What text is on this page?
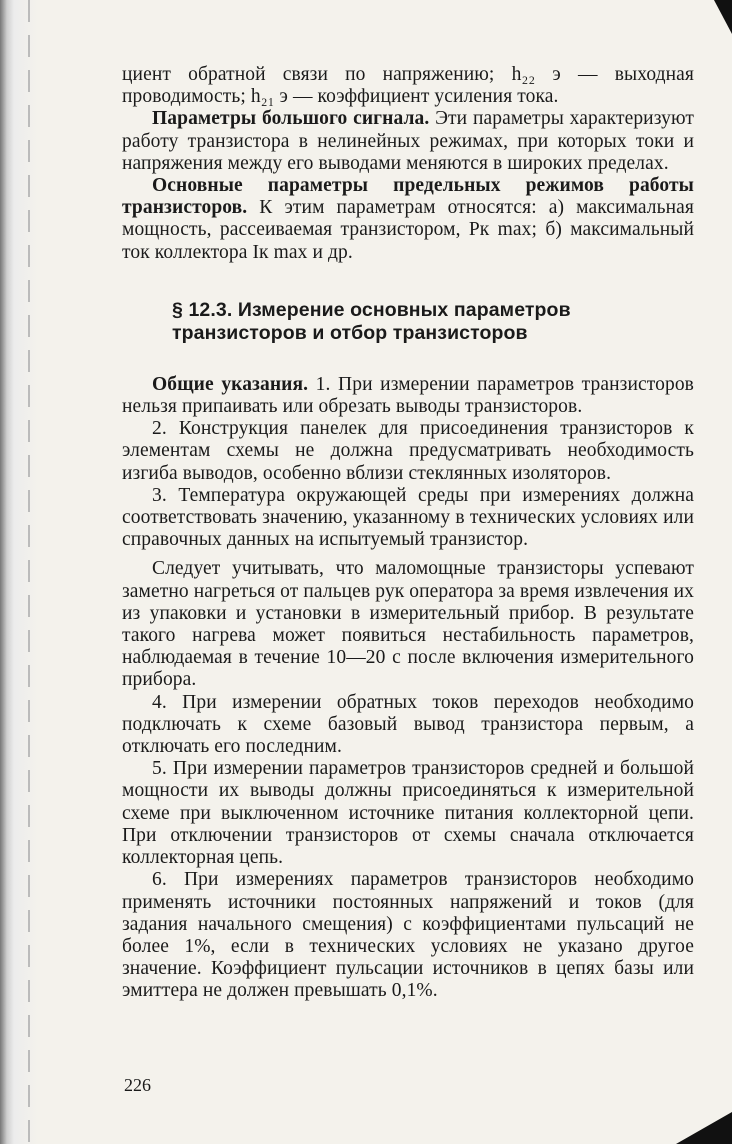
циент обратной связи по напряжению; h₂₂ э — выходная проводимость; h₂₁ э — коэффициент усиления тока.

Параметры большого сигнала. Эти параметры характеризуют работу транзистора в нелинейных режимах, при которых токи и напряжения между его выводами меняются в широких пределах.

Основные параметры предельных режимов работы транзисторов. К этим параметрам относятся: а) максимальная мощность, рассеиваемая транзистором, Pк max; б) максимальный ток коллектора Iк max и др.

§ 12.3. Измерение основных параметров
транзисторов и отбор транзисторов

Общие указания. 1. При измерении параметров транзисторов нельзя припаивать или обрезать выводы транзисторов.

2. Конструкция панелек для присоединения транзисторов к элементам схемы не должна предусматривать необходимость изгиба выводов, особенно вблизи стеклянных изоляторов.

3. Температура окружающей среды при измерениях должна соответствовать значению, указанному в технических условиях или справочных данных на испытуемый транзистор.

Следует учитывать, что маломощные транзисторы успевают заметно нагреться от пальцев рук оператора за время извлечения их из упаковки и установки в измерительный прибор. В результате такого нагрева может появиться нестабильность параметров, наблюдаемая в течение 10—20 с после включения измерительного прибора.

4. При измерении обратных токов переходов необходимо подключать к схеме базовый вывод транзистора первым, а отключать его последним.

5. При измерении параметров транзисторов средней и большой мощности их выводы должны присоединяться к измерительной схеме при выключенном источнике питания коллекторной цепи. При отключении транзисторов от схемы сначала отключается коллекторная цепь.

6. При измерениях параметров транзисторов необходимо применять источники постоянных напряжений и токов (для задания начального смещения) с коэффициентами пульсаций не более 1%, если в технических условиях не указано другое значение. Коэффициент пульсации источников в цепях базы или эмиттера не должен превышать 0,1%.

226
